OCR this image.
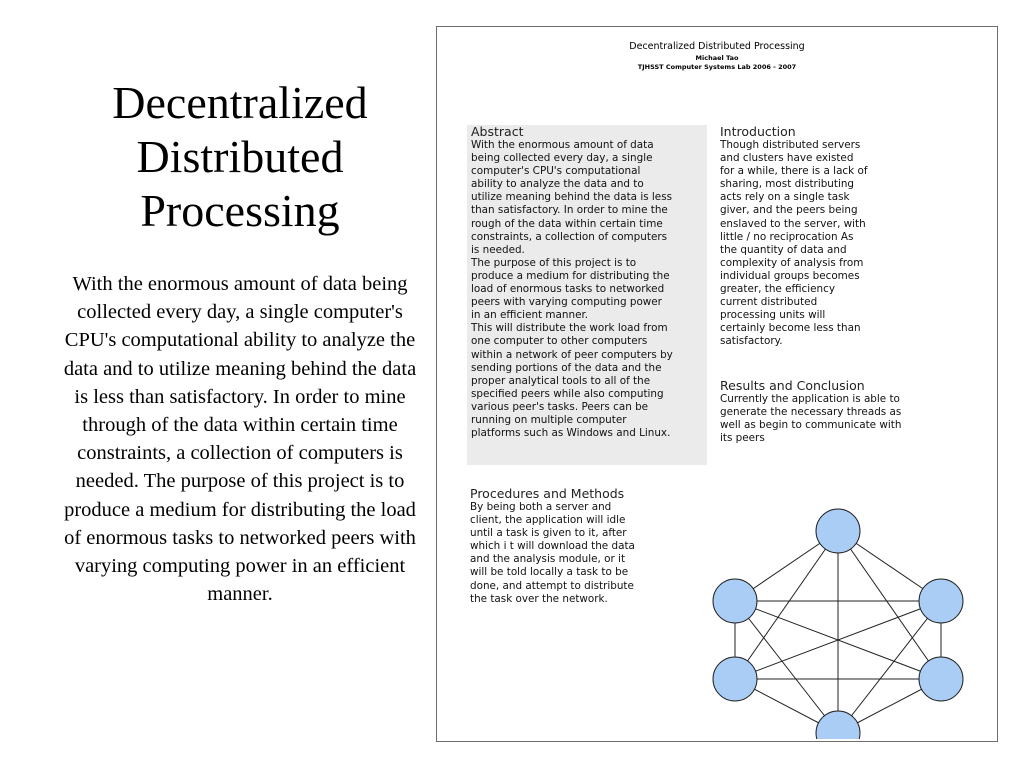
Decentralized
Distributed
Processing

With the enormous amount of data being collected every day, a single computer's CPU's computational ability to analyze the data and to utilize meaning behind the data is less than satisfactory. In order to mine through of the data within certain time constraints, a collection of computers is needed. The purpose of this project is to produce a medium for distributing the load of enormous tasks to networked peers with varying computing power in an efficient manner.

Decentralized Distributed Processing

Michael Tao

TJHSST Computer Systems Lab 2006 - 2007

Abstract

With the enormous amount of data
being collected every day, a single
computer's CPU's computational
ability to analyze the data and to
utilize meaning behind the data is less
than satisfactory. In order to mine the
rough of the data within certain time
constraints, a collection of computers
is needed.
The purpose of this project is to
produce a medium for distributing the
load of enormous tasks to networked
peers with varying computing power
in an efficient manner.
This will distribute the work load from
one computer to other computers
within a network of peer computers by
sending portions of the data and the
proper analytical tools to all of the
specified peers while also computing
various peer's tasks. Peers can be
running on multiple computer
platforms such as Windows and Linux.

Introduction

Though distributed servers
and clusters have existed
for a while, there is a lack of
sharing, most distributing
acts rely on a single task
giver, and the peers being
enslaved to the server, with
little / no reciprocation As
the quantity of data and
complexity of analysis from
individual groups becomes
greater, the efficiency
current distributed
processing units will
certainly become less than
satisfactory.

Results and Conclusion

Currently the application is able to
generate the necessary threads as
well as begin to communicate with
its peers

Procedures and Methods

By being both a server and
client, the application will idle
until a task is given to it, after
which i t will download the data
and the analysis module, or it
will be told locally a task to be
done, and attempt to distribute
the task over the network.
